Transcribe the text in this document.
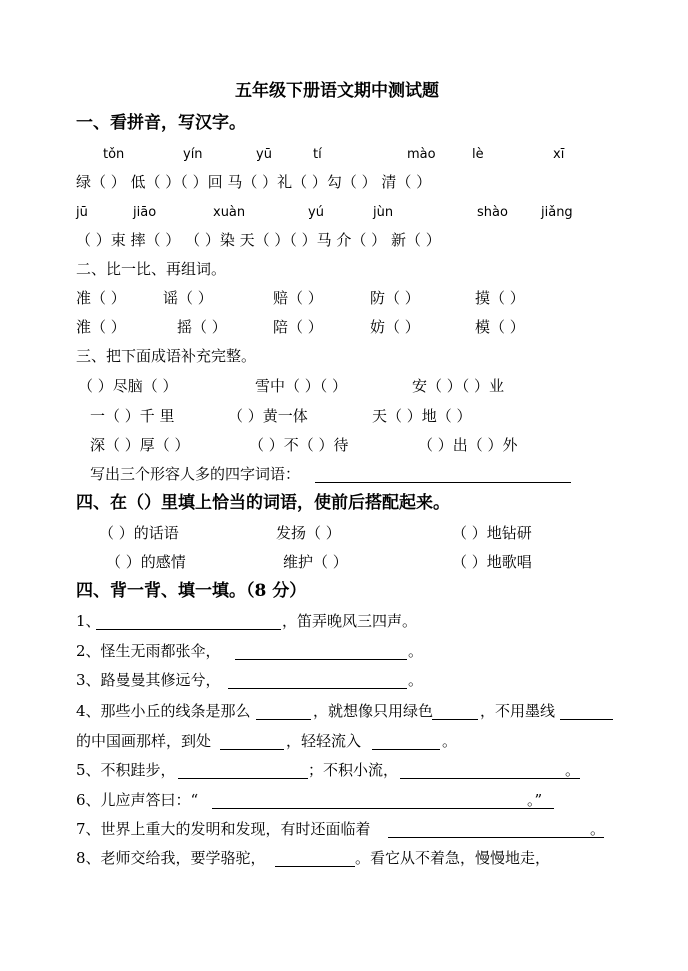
五年级下册语文期中测试题
一、看拼音，写汉字。
tǒn	yín	yū	tí	mào	lè	xī
绿（ ） 低（ ）（ ）回 马（ ）礼（ ）勾（ ） 清（ ）
jū	jiāo	xuàn	yú	jùn	shào	jiǎng
（ ）束 摔（ ） （ ）染 天（ ）（ ）马 介（ ） 新（ ）
二、比一比、再组词。
准（ ） 谣（ ）	赔（ ）	防（ ）	摸（ ）
淮（ ）	摇（ ）	陪（ ）	妨（ ）	模（ ）
三、把下面成语补充完整。
（ ）尽脑（ ）	雪中（ ）（ ）	安（ ）（ ）业
一（ ）千 里	（ ）黄一体	天（ ）地（ ）
深（ ）厚（ ）	（ ）不（ ）待	（ ）出（ ）外
写出三个形容人多的四字词语：
四、在（）里填上恰当的词语，使前后搭配起来。
（ ）的话语	发扬（ ）	（ ）地钻研
（ ）的感情	维护（ ）	（ ）地歌唱
四、背一背、填一填。（8 分）
1、	，笛弄晚风三四声。
2、怪生无雨都张伞，	。
3、路曼曼其修远兮，	。
4、那些小丘的线条是那么	，就想像只用绿色	，不用墨线
的中国画那样，到处	，轻轻流入	。
5、不积跬步，	；不积小流，	。
6、儿应声答曰：“	。”
7、世界上重大的发明和发现，有时还面临着	。
8、老师交给我，要学骆驼，	。看它从不着急，慢慢地走，
